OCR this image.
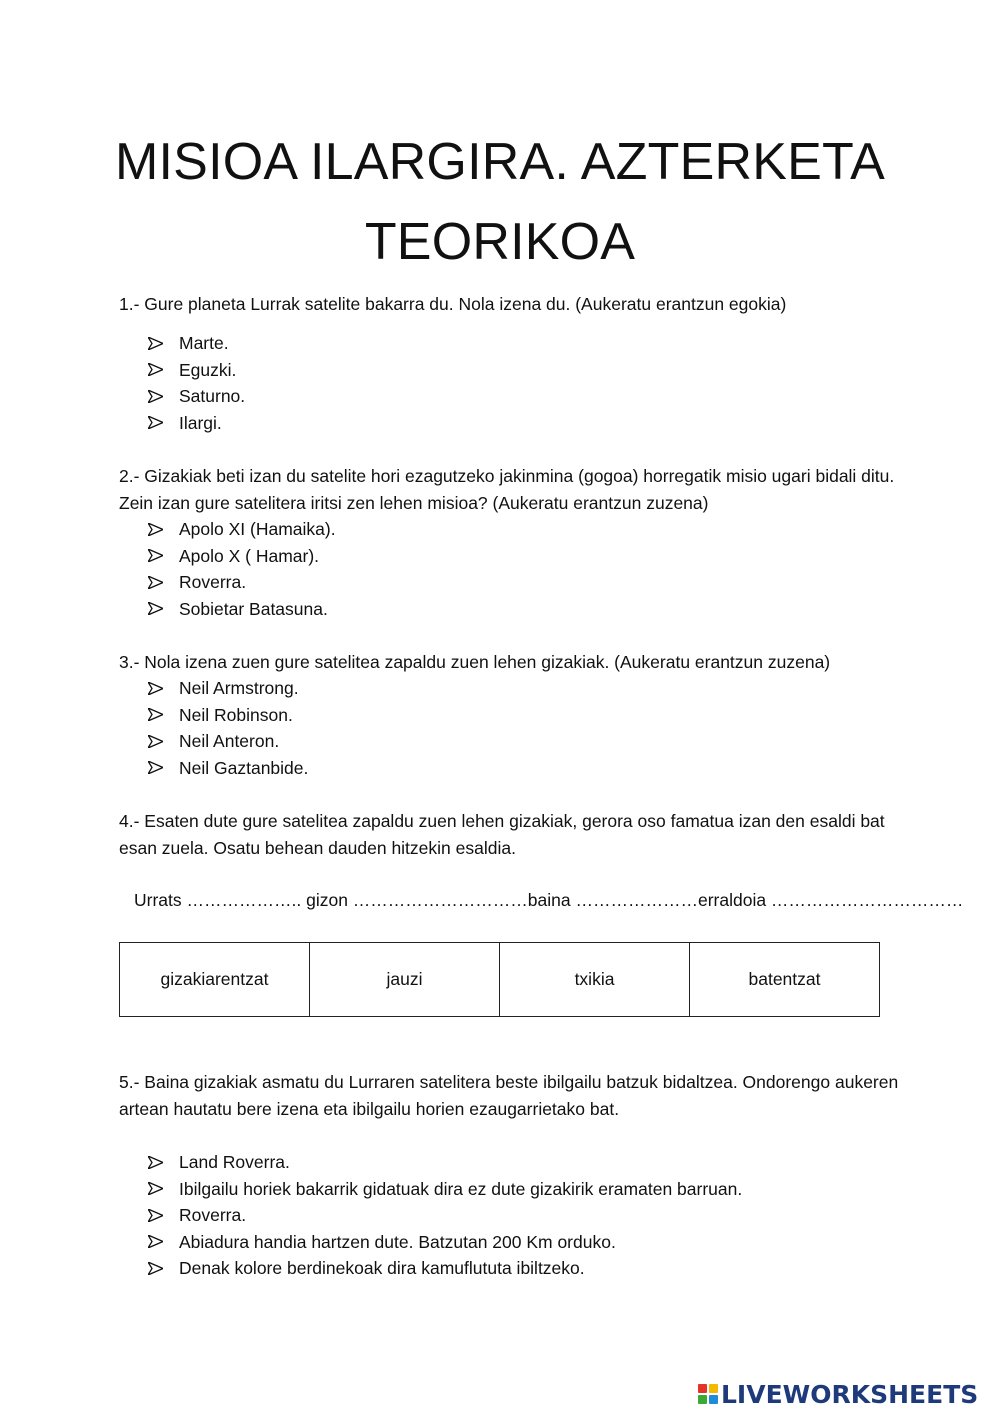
MISIOA ILARGIRA. AZTERKETA TEORIKOA

1.- Gure planeta Lurrak satelite bakarra du. Nola izena du. (Aukeratu erantzun egokia)

Marte.
Eguzki.
Saturno.
Ilargi.

2.- Gizakiak beti izan du satelite hori ezagutzeko jakinmina (gogoa) horregatik misio ugari bidali ditu. Zein izan gure satelitera iritsi zen lehen misioa? (Aukeratu erantzun zuzena)

Apolo XI (Hamaika).
Apolo X ( Hamar).
Roverra.
Sobietar Batasuna.

3.- Nola izena zuen gure satelitea zapaldu zuen lehen gizakiak. (Aukeratu erantzun zuzena)

Neil Armstrong.
Neil Robinson.
Neil Anteron.
Neil Gaztanbide.

4.- Esaten dute gure satelitea zapaldu zuen lehen gizakiak, gerora oso famatua izan den esaldi bat esan zuela. Osatu behean dauden hitzekin esaldia.

Urrats ……………….. gizon …………………………baina …………………erraldoia ……………………………
gizakiarentzat	jauzi	txikia	batentzat

5.- Baina gizakiak asmatu du Lurraren satelitera beste ibilgailu batzuk bidaltzea. Ondorengo aukeren artean hautatu bere izena eta ibilgailu horien ezaugarrietako bat.

Land Roverra.
Ibilgailu horiek bakarrik gidatuak dira ez dute gizakirik eramaten barruan.
Roverra.
Abiadura handia hartzen dute. Batzutan 200 Km orduko.
Denak kolore berdinekoak dira kamuflututa ibiltzeko.
LIVEWORKSHEETS
